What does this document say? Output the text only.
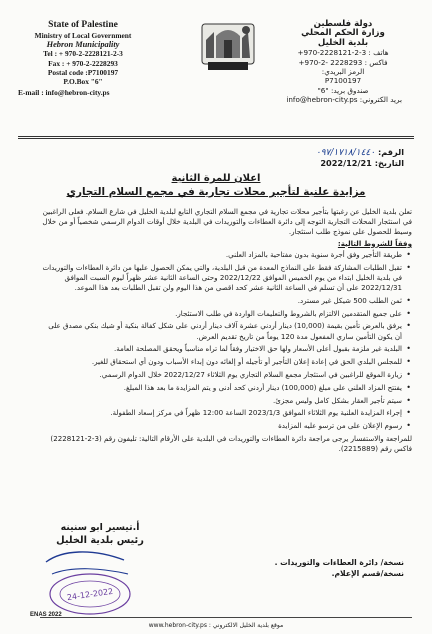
State of Palestine
Ministry of Local Government
Hebron Municipality
Tel : + 970-2-2228121-2-3
Fax : + 970-2-2228293
Postal code :P7100197
P.O.Box "6"
E-mail : info@hebron-city.ps
دولة فلسطين
وزارة الحكم المحلي
بلدية الخليل
هاتف : 3-2-2228121-970+
فاكس : 2228293 -2-970+
الرمز البريدي:
P7100197
صندوق بريد: "6"
بريد الكتروني: info@hebron-city.ps
الرقم: ٠٩٧/١٧١٨/١٤٤٠
التاريخ: 2022/12/21
اعلان للمرة الثانية
مزايدة علنية لتأجير محلات تجارية في مجمع السلام التجاري

تعلن بلدية الخليل عن رغبتها بتأجير محلات تجارية في مجمع السلام التجاري التابع لبلدية الخليل في شارع السلام. فعلى الراغبين في استئجار المحلات التجارية التوجه إلى دائرة العطاءات والتوريدات في البلدية خلال أوقات الدوام الرسمي شخصياً أو من خلال وسيط للحصول على نموذج طلب استئجار.

وفقاً للشروط التالية:

• طريقة التأجير وفق أجرة سنوية بدون مفتاحية بالمزاد العلني.
• تقبل الطلبات المشاركة فقط على النماذج المعدة من قبل البلدية، والتي يمكن الحصول عليها من دائرة العطاءات والتوريدات في بلدية الخليل ابتداء من يوم الخميس الموافق 2022/12/22 وحتى الساعة الثانية عشر ظهراً ليوم السبت الموافق 2022/12/31 على أن تسلم في الساعة الثانية عشر كحد اقصى من هذا اليوم ولن تقبل الطلبات بعد هذا الموعد.
• ثمن الطلب 500 شيكل غير مسترد.
• على جميع المتقدمين الالتزام بالشروط والتعليمات الواردة في طلب الاستئجار.
• يرفق بالعرض تأمين بقيمة (10,000) دينار أردني عشرة آلاف دينار أردني على شكل كفالة بنكية أو شيك بنكي مصدق على أن يكون التأمين ساري المفعول مدة 120 يوماً من تاريخ تقديم العرض.
• البلدية غير ملزمة بقبول أعلى الأسعار ولها حق الاختيار وفقاً لما تراه مناسباً ويحقق المصلحة العامة.
• للمجلس البلدي الحق في إعادة إعلان التأجير أو تأجيله أو إلغائه دون إبداء الأسباب ودون أي استحقاق للغير.
• زيارة الموقع للراغبين في استئجار مجمع السلام التجاري يوم الثلاثاء 2022/12/27 خلال الدوام الرسمي.
• يفتتح المزاد العلني على مبلغ (100,000) دينار أردني كحد أدنى و يتم المزايدة ما بعد هذا المبلغ.
• سيتم تأجير العقار بشكل كامل وليس مجزئ.
• إجراء المزايدة العلنية يوم الثلاثاء الموافق 2023/1/3 الساعة 12:00 ظهراً في مركز إسعاد الطفولة.
• رسوم الإعلان على من ترسو عليه المزايدة

للمراجعة والاستفسار يرجى مراجعة دائرة العطاءات والتوريدات في البلدية على الأرقام التالية: تليفون رقم (3-2-2228121) فاكس رقم (2215889).

أ.تيسير ابو سنينه
رئيس بلدية الخليل
24-12-2022
نسخة/ دائرة العطاءات والتوريدات .
نسخة/قسم الإعلام.
ENAS 2022
موقع بلدية الخليل الالكتروني : www.hebron-city.ps
